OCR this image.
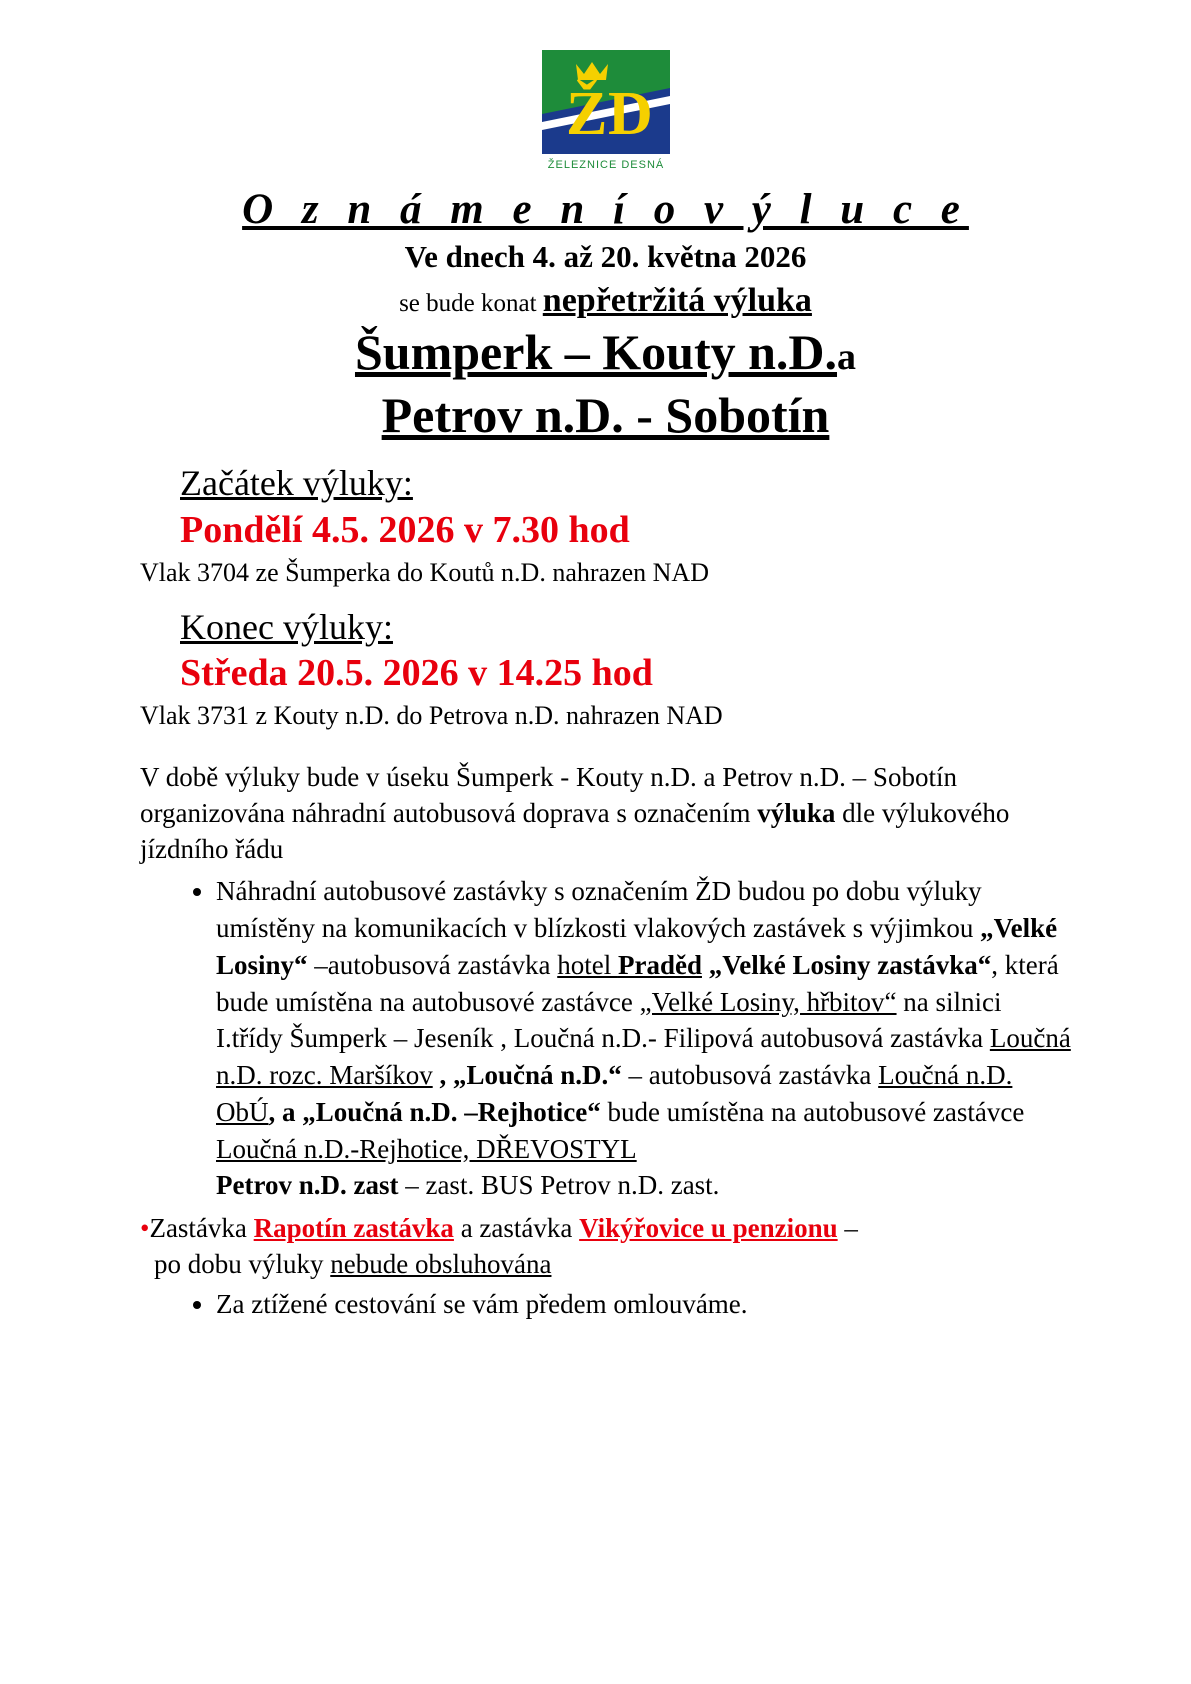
Ž D
ŽELEZNICE DESNÁ
O z n á m e n í o v ý l u c e
Ve dnech 4. až 20. května 2026
se bude konat nepřetržitá výluka
Šumperk – Kouty n.D.a
Petrov n.D. - Sobotín
Začátek výluky:
Pondělí 4.5. 2026 v 7.30 hod
Vlak 3704 ze Šumperka do Koutů n.D. nahrazen NAD
Konec výluky:
Středa 20.5. 2026 v 14.25 hod
Vlak 3731 z Kouty n.D. do Petrova n.D. nahrazen NAD
V době výluky bude v úseku Šumperk - Kouty n.D. a Petrov n.D. – Sobotín organizována náhradní autobusová doprava s označením výluka dle výlukového jízdního řádu
• Náhradní autobusové zastávky s označením ŽD budou po dobu výluky umístěny na komunikacích v blízkosti vlakových zastávek s výjimkou „Velké Losiny“ –autobusová zastávka hotel Praděd „Velké Losiny zastávka“, která bude umístěna na autobusové zastávce „Velké Losiny, hřbitov“ na silnici I.třídy Šumperk – Jeseník , Loučná n.D.- Filipová autobusová zastávka Loučná n.D. rozc. Maršíkov , „Loučná n.D.“ – autobusová zastávka Loučná n.D. ObÚ, a „Loučná n.D. –Rejhotice“ bude umístěna na autobusové zastávce Loučná n.D.-Rejhotice, DŘEVOSTYL
Petrov n.D. zast – zast. BUS Petrov n.D. zast.
•Zastávka Rapotín zastávka a zastávka Vikýřovice u penzionu –
po dobu výluky nebude obsluhována
• Za ztížené cestování se vám předem omlouváme.
